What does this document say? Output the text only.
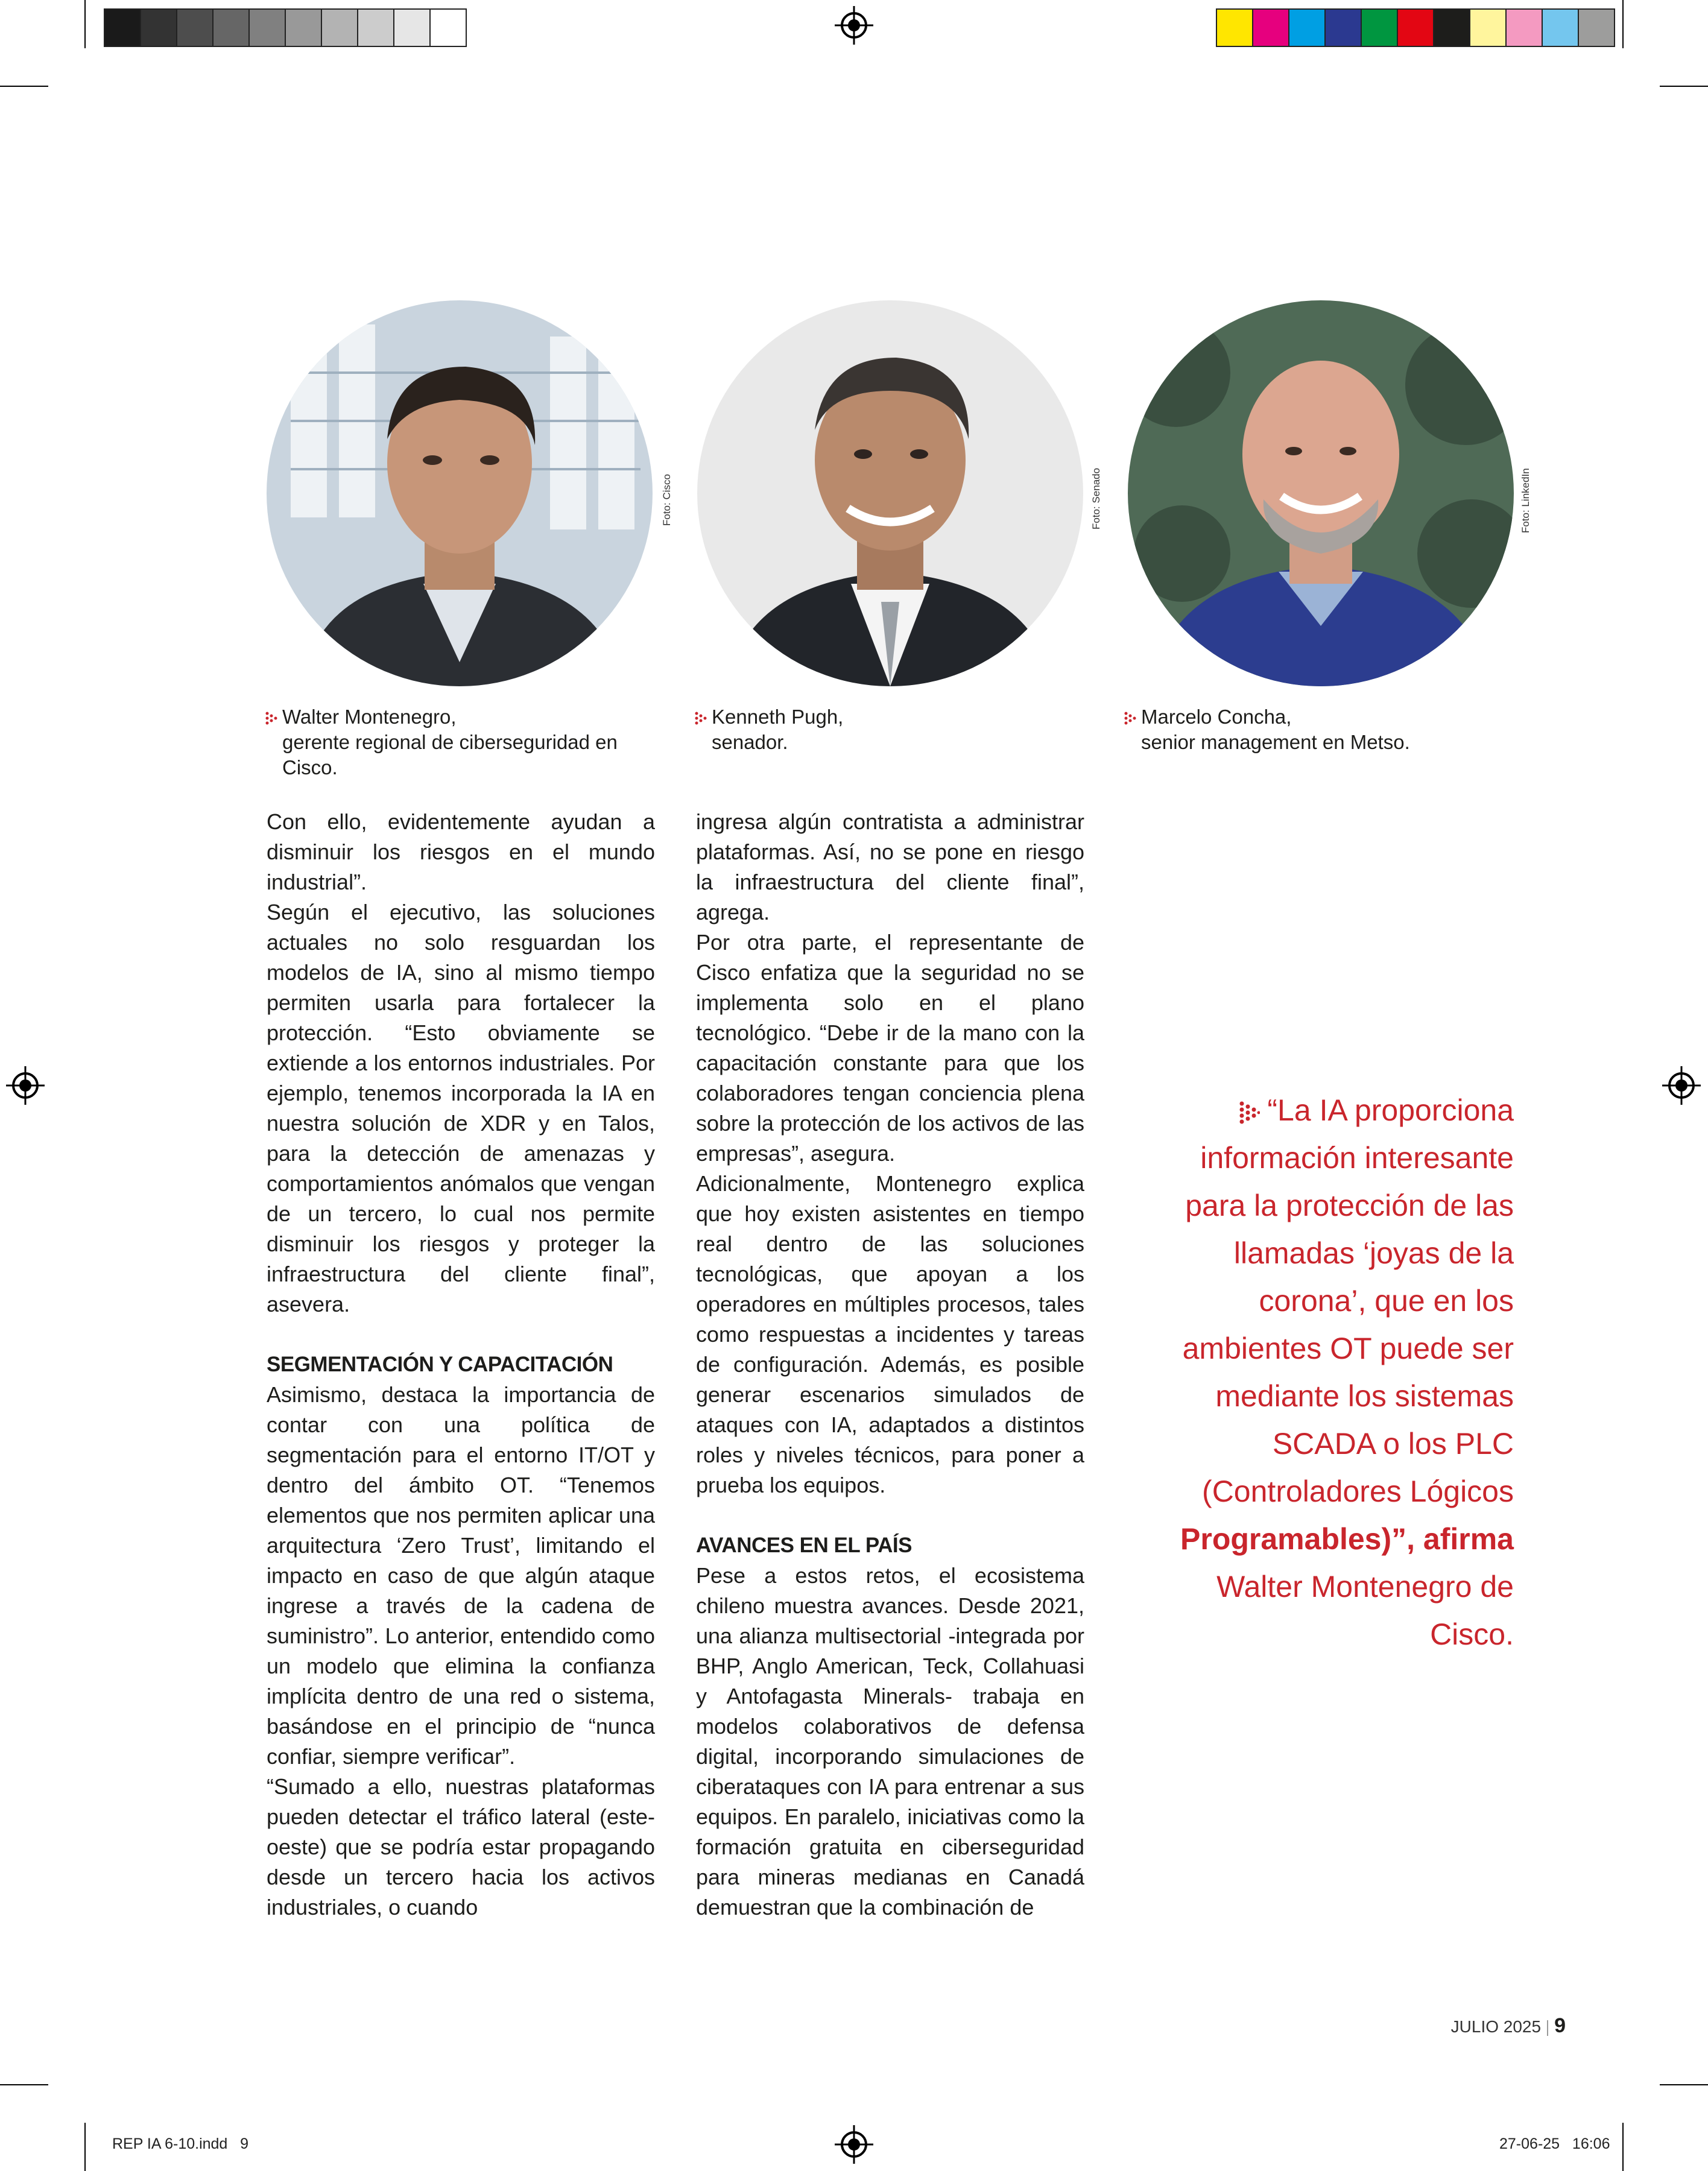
Foto: Cisco	Foto: Senado	Foto: LinkedIn
Walter Montenegro,
gerente regional de ciberseguridad en Cisco.
Kenneth Pugh,
senador.
Marcelo Concha,
senior management en Metso.

Con ello, evidentemente ayudan a disminuir los riesgos en el mundo industrial”.

Según el ejecutivo, las soluciones actuales no solo resguardan los modelos de IA, sino al mismo tiempo permiten usarla para fortalecer la protección. “Esto obviamente se extiende a los entornos industriales. Por ejemplo, tenemos incorporada la IA en nuestra solución de XDR y en Talos, para la detección de amenazas y comportamientos anómalos que vengan de un tercero, lo cual nos permite disminuir los riesgos y proteger la infraestructura del cliente final”, asevera.

SEGMENTACIÓN Y CAPACITACIÓN

Asimismo, destaca la importancia de contar con una política de segmentación para el entorno IT/OT y dentro del ámbito OT. “Tenemos elementos que nos permiten aplicar una arquitectura ‘Zero Trust’, limitando el impacto en caso de que algún ataque ingrese a través de la cadena de suministro”. Lo anterior, entendido como un modelo que elimina la confianza implícita dentro de una red o sistema, basándose en el principio de “nunca confiar, siempre verificar”.

“Sumado a ello, nuestras plataformas pueden detectar el tráfico lateral (este-oeste) que se podría estar propagando desde un tercero hacia los activos industriales, o cuando

ingresa algún contratista a administrar plataformas. Así, no se pone en riesgo la infraestructura del cliente final”, agrega.

Por otra parte, el representante de Cisco enfatiza que la seguridad no se implementa solo en el plano tecnológico. “Debe ir de la mano con la capacitación constante para que los colaboradores tengan conciencia plena sobre la protección de los activos de las empresas”, asegura.

Adicionalmente, Montenegro explica que hoy existen asistentes en tiempo real dentro de las soluciones tecnológicas, que apoyan a los operadores en múltiples procesos, tales como respuestas a incidentes y tareas de configuración. Además, es posible generar escenarios simulados de ataques con IA, adaptados a distintos roles y niveles técnicos, para poner a prueba los equipos.

AVANCES EN EL PAÍS

Pese a estos retos, el ecosistema chileno muestra avances. Desde 2021, una alianza multisectorial -integrada por BHP, Anglo American, Teck, Collahuasi y Antofagasta Minerals- trabaja en modelos colaborativos de defensa digital, incorporando simulaciones de ciberataques con IA para entrenar a sus equipos. En paralelo, iniciativas como la formación gratuita en ciberseguridad para mineras medianas en Canadá demuestran que la combinación de

“La IA proporciona información interesante para la protección de las llamadas ‘joyas de la corona’, que en los ambientes OT puede ser mediante los sistemas SCADA o los PLC (Controladores Lógicos Programables)”, afirma Walter Montenegro de Cisco.
JULIO 2025 9
REP IA 6-10.indd   9	27-06-25   16:06
